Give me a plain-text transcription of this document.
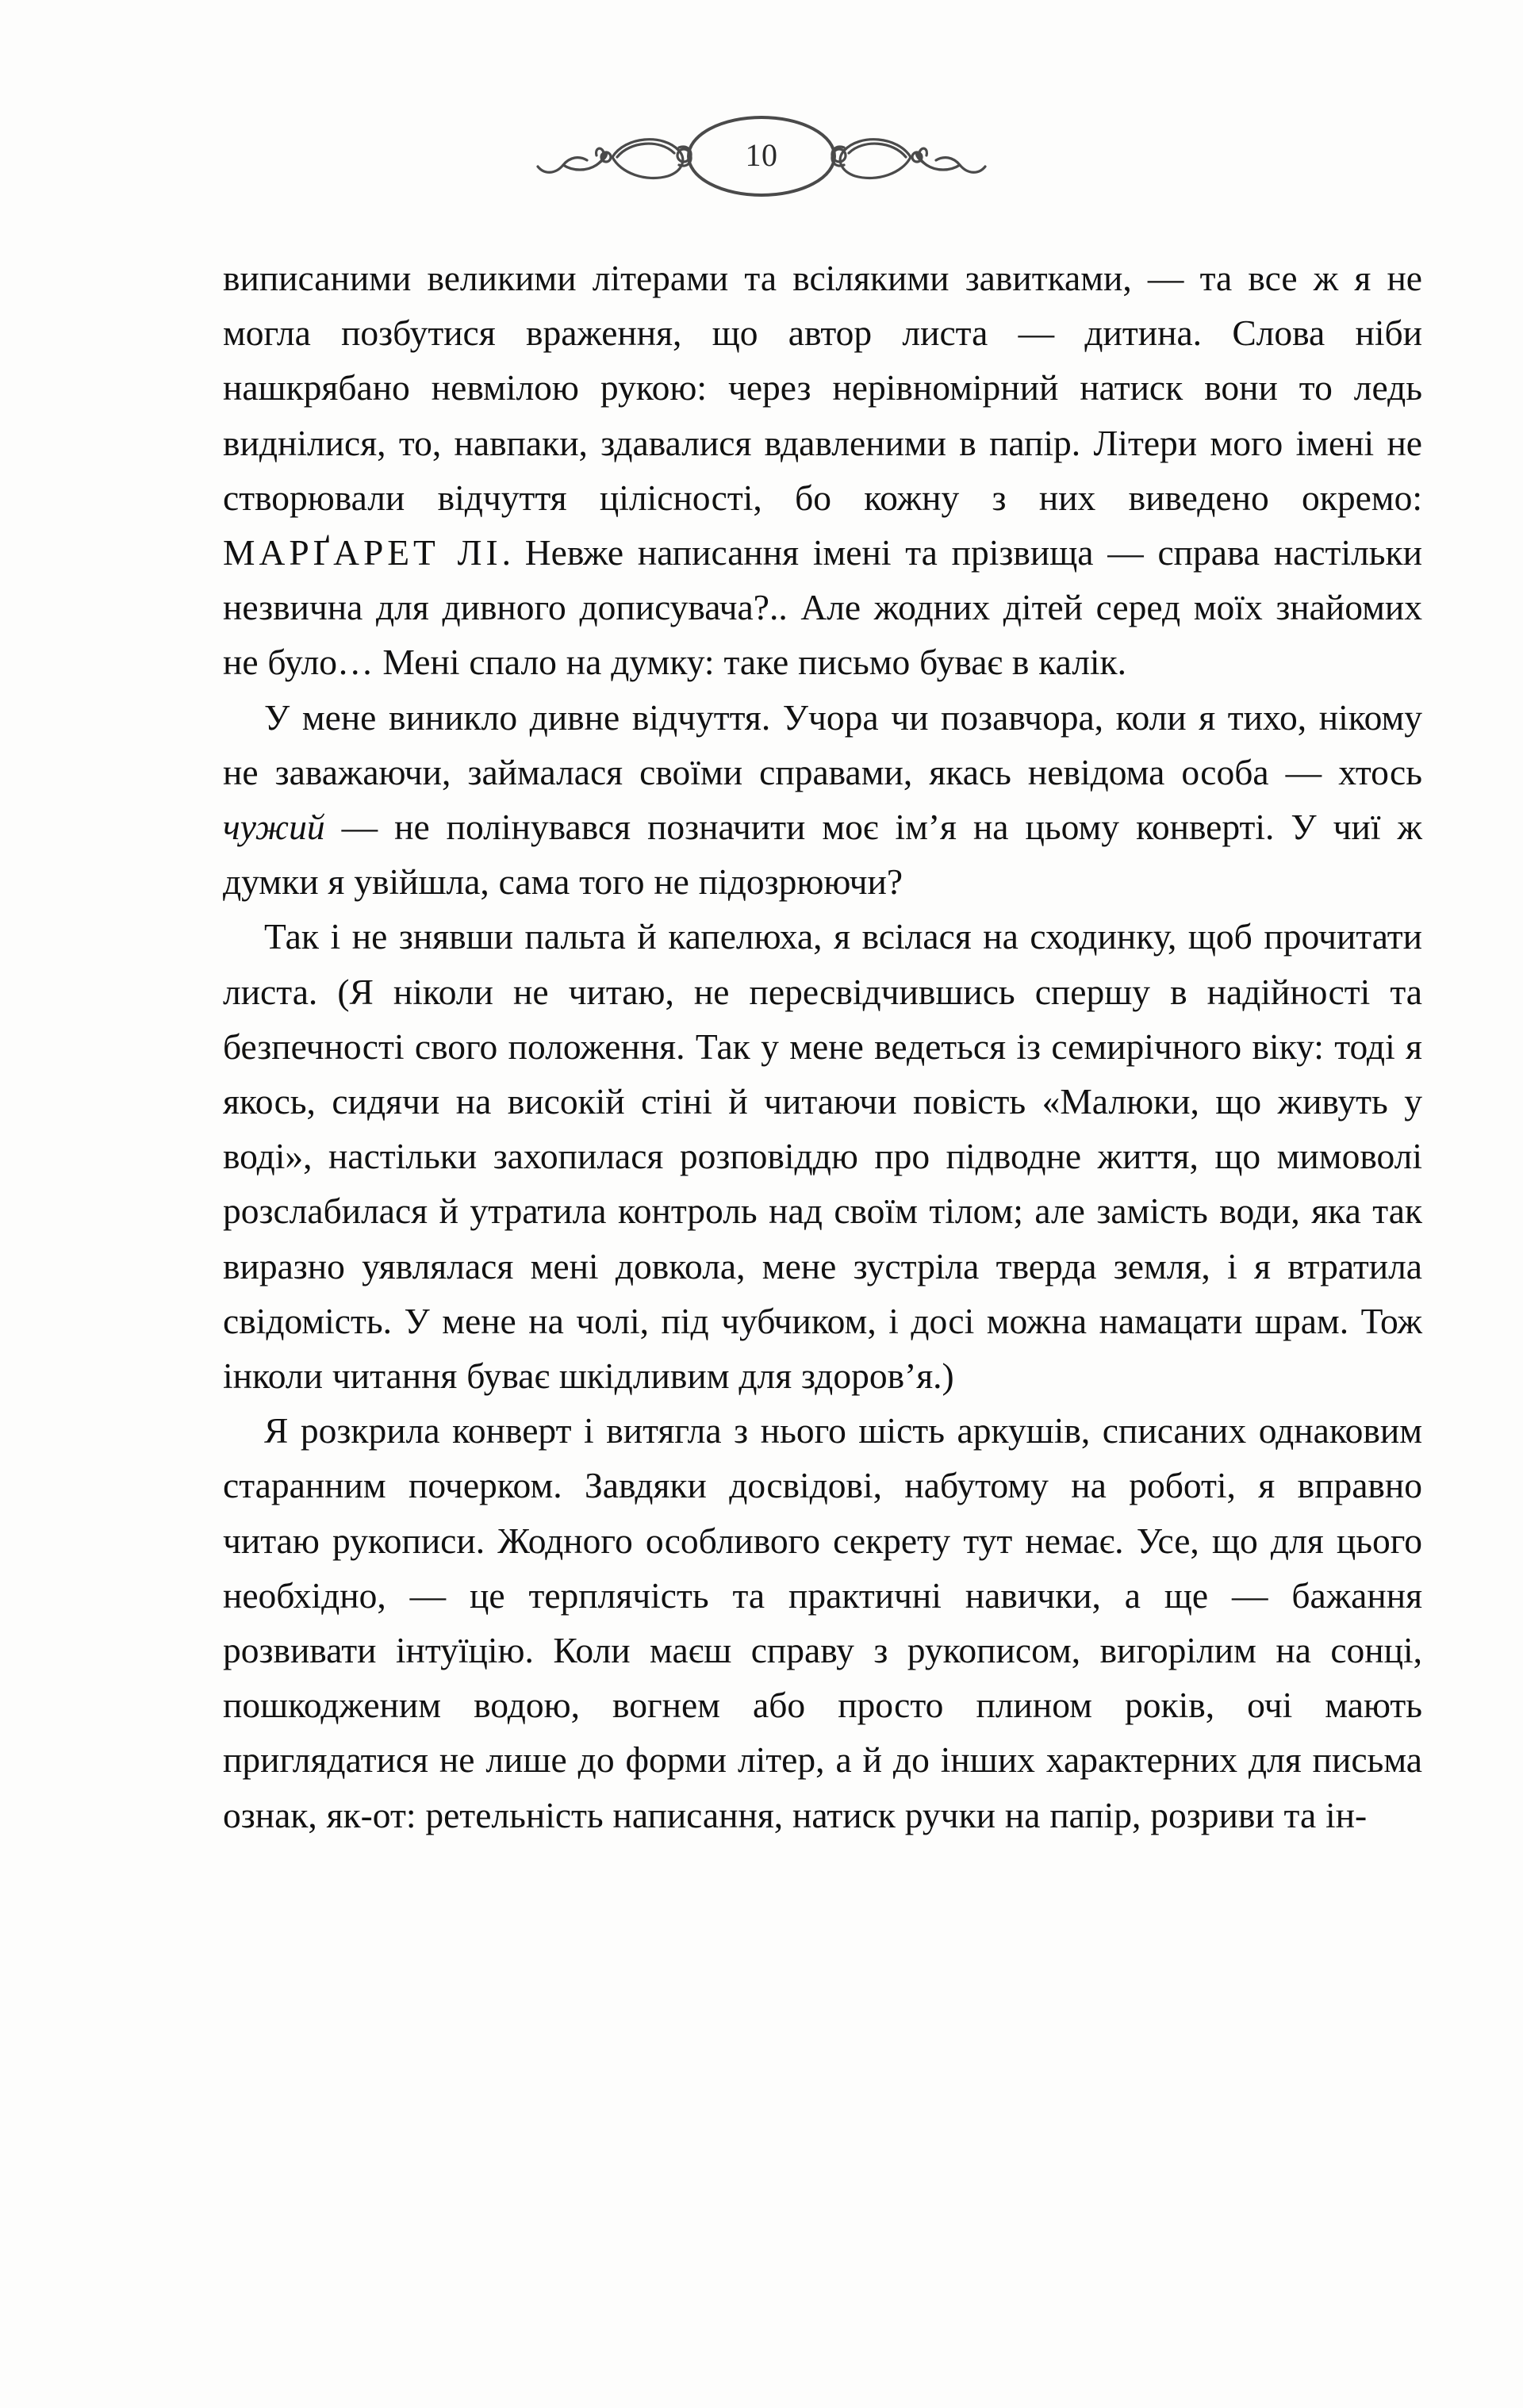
10

виписаними великими літерами та всілякими завитками, — та все ж я не могла позбутися враження, що автор листа — дитина. Слова ніби нашкрябано невмілою рукою: через нерівномірний натиск вони то ледь виднілися, то, навпаки, здавалися вдавленими в папір. Літери мого імені не створювали відчуття цілісності, бо кожну з них виведено окремо: МАРҐАРЕТ ЛІ. Невже написання імені та прізвища — справа настільки незвична для дивного дописувача?.. Але жодних дітей серед моїх знайомих не було… Мені спало на думку: таке письмо буває в калік.

У мене виникло дивне відчуття. Учора чи позавчора, коли я тихо, нікому не заважаючи, займалася своїми справами, якась невідома особа — хтось чужий — не полінувався позначити моє ім’я на цьому конверті. У чиї ж думки я увійшла, сама того не підозрюючи?

Так і не знявши пальта й капелюха, я всілася на сходинку, щоб прочитати листа. (Я ніколи не читаю, не пересвідчившись спершу в надійності та безпечності свого положення. Так у мене ведеться із семирічного віку: тоді я якось, сидячи на високій стіні й читаючи повість «Малюки, що живуть у воді», настільки захопилася розповіддю про підводне життя, що мимоволі розслабилася й утратила контроль над своїм тілом; але замість води, яка так виразно уявлялася мені довкола, мене зустріла тверда земля, і я втратила свідомість. У мене на чолі, під чубчиком, і досі можна намацати шрам. Тож інколи читання буває шкідливим для здоров’я.)

Я розкрила конверт і витягла з нього шість аркушів, списаних однаковим старанним почерком. Завдяки досвідові, набутому на роботі, я вправно читаю рукописи. Жодного особливого секрету тут немає. Усе, що для цього необхідно, — це терплячість та практичні навички, а ще — бажання розвивати інтуїцію. Коли маєш справу з рукописом, вигорілим на сонці, пошкодженим водою, вогнем або просто плином років, очі мають приглядатися не лише до форми літер, а й до інших характерних для письма ознак, як-от: ретельність написання, натиск ручки на папір, розриви та ін-
